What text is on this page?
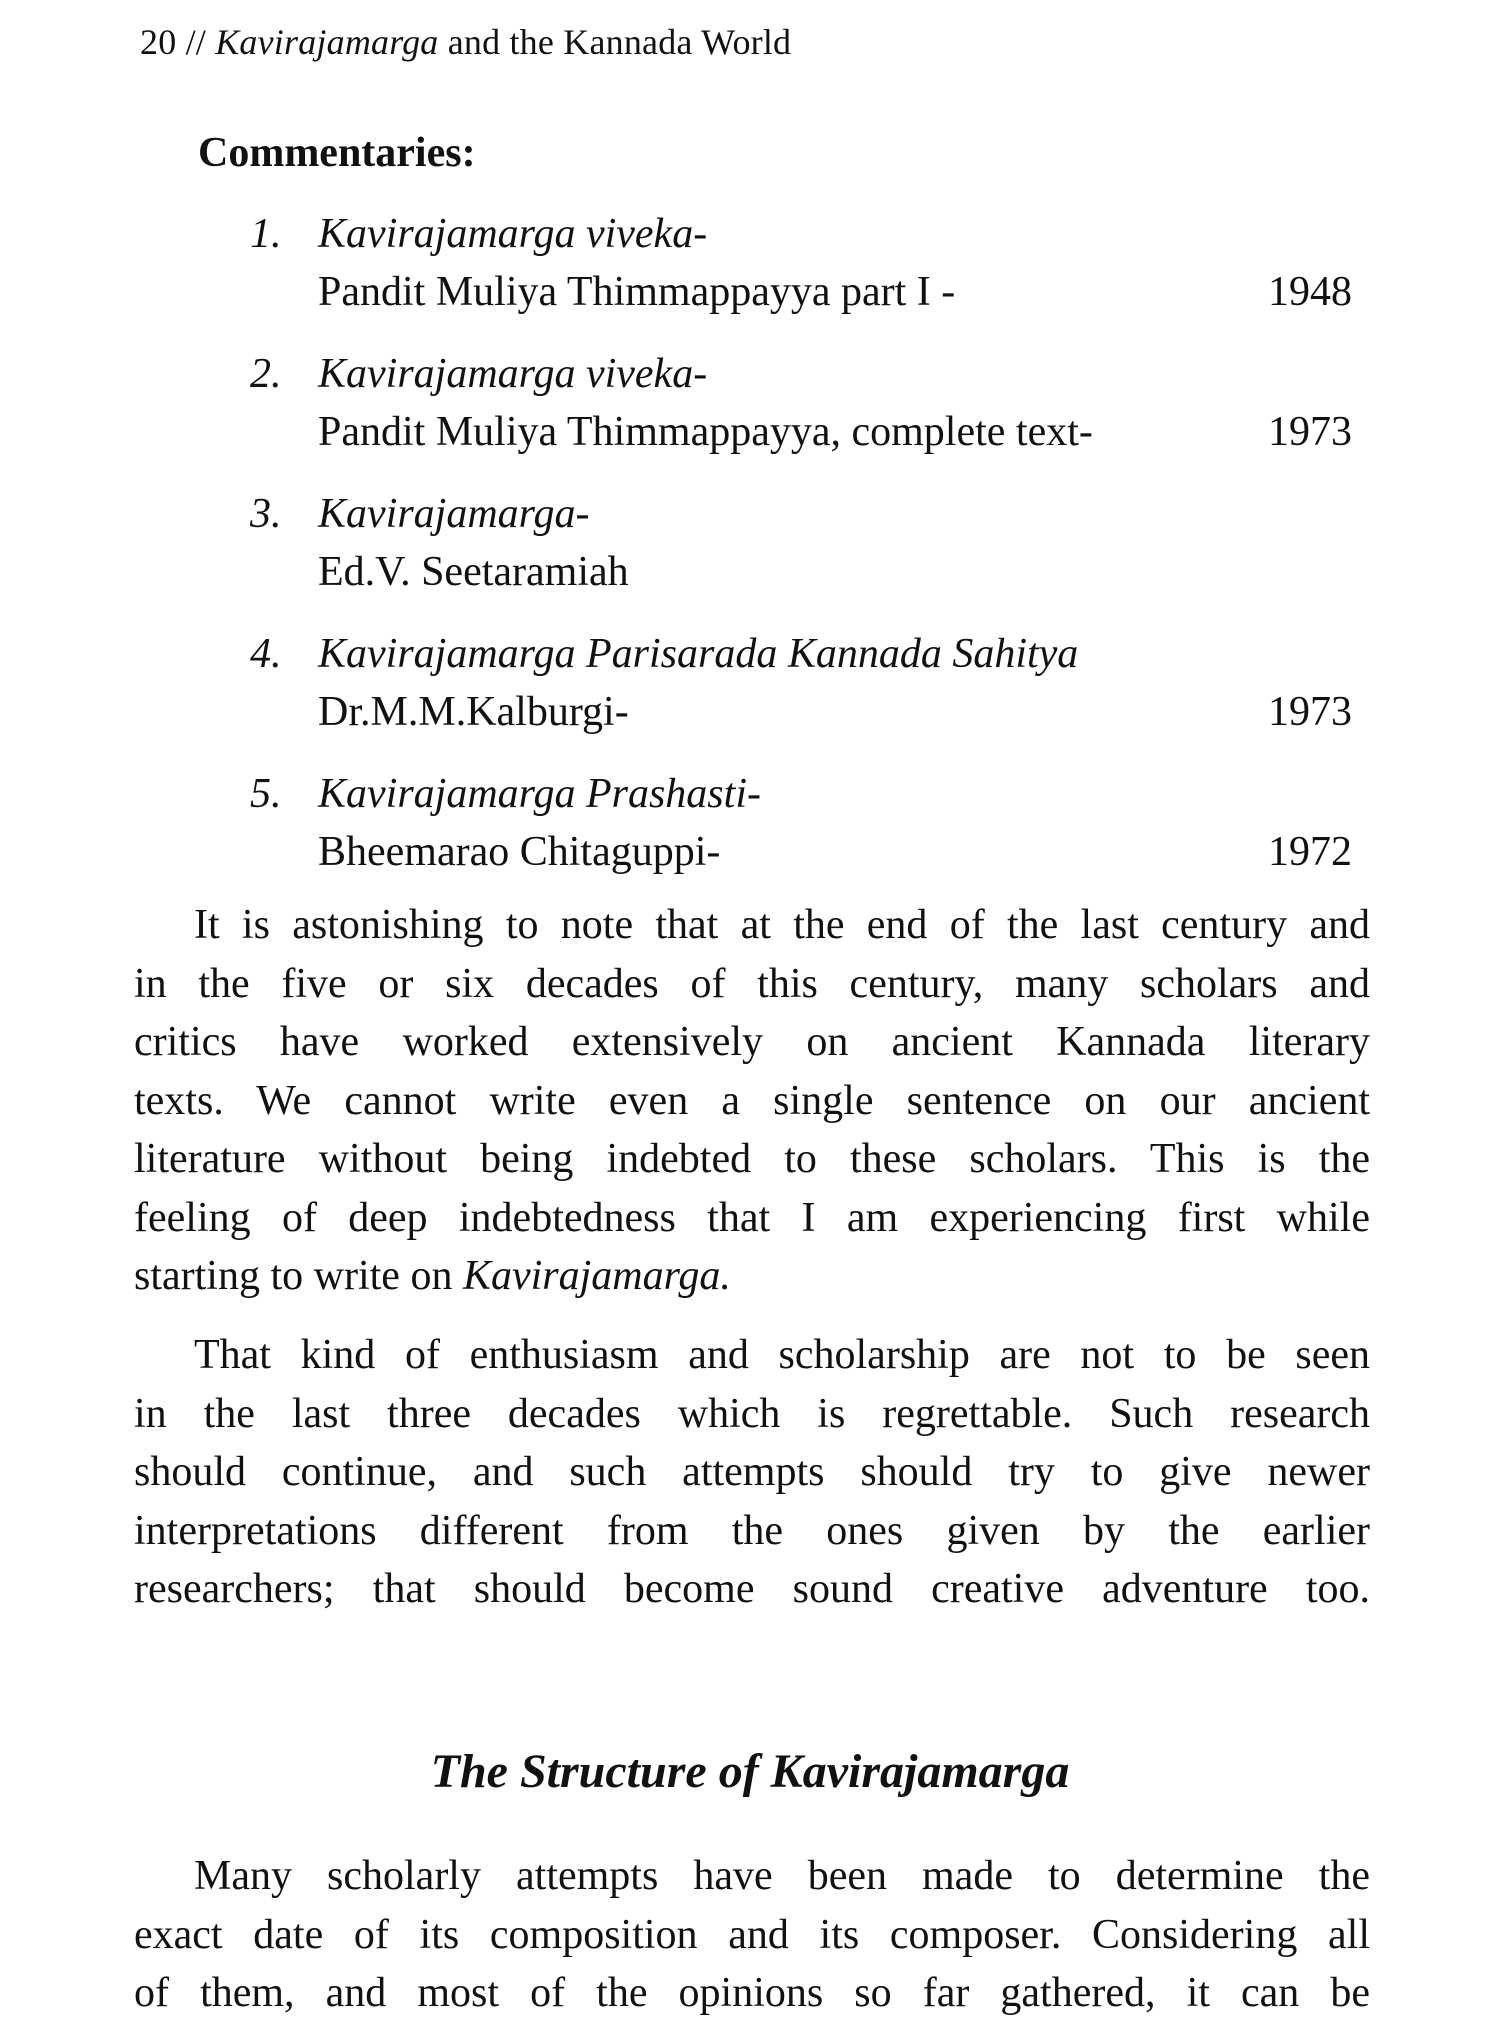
20 // Kavirajamarga and the Kannada World
Commentaries:
1. Kavirajamarga viveka-
Pandit Muliya Thimmappayya part I -	1948
2. Kavirajamarga viveka-
Pandit Muliya Thimmappayya, complete text-	1973
3. Kavirajamarga-
Ed.V. Seetaramiah
4. Kavirajamarga Parisarada Kannada Sahitya
Dr.M.M.Kalburgi-	1973
5. Kavirajamarga Prashasti-
Bheemarao Chitaguppi-	1972
It is astonishing to note that at the end of the last century and
in the five or six decades of this century, many scholars and
critics have worked extensively on ancient Kannada literary
texts. We cannot write even a single sentence on our ancient
literature without being indebted to these scholars. This is the
feeling of deep indebtedness that I am experiencing first while
starting to write on Kavirajamarga.
That kind of enthusiasm and scholarship are not to be seen
in the last three decades which is regrettable. Such research
should continue, and such attempts should try to give newer
interpretations different from the ones given by the earlier
researchers; that should become sound creative adventure too.
The Structure of Kavirajamarga
Many scholarly attempts have been made to determine the
exact date of its composition and its composer. Considering all
of them, and most of the opinions so far gathered, it can be
